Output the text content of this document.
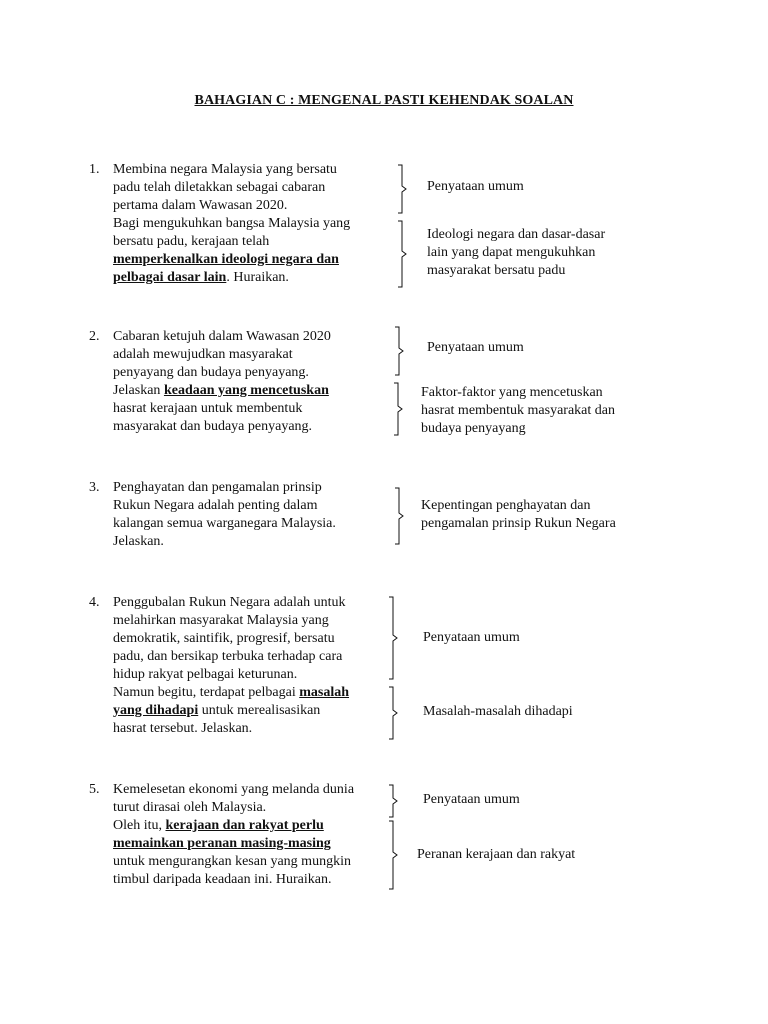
BAHAGIAN C : MENGENAL PASTI KEHENDAK SOALAN
1. Membina negara Malaysia yang bersatu
padu telah diletakkan sebagai cabaran
pertama dalam Wawasan 2020.
Bagi mengukuhkan bangsa Malaysia yang
bersatu padu, kerajaan telah
memperkenalkan ideologi negara dan
pelbagai dasar lain. Huraikan.
Penyataan umum
Ideologi negara dan dasar-dasar
lain yang dapat mengukuhkan
masyarakat bersatu padu
2. Cabaran ketujuh dalam Wawasan 2020
adalah mewujudkan masyarakat
penyayang dan budaya penyayang.
Jelaskan keadaan yang mencetuskan
hasrat kerajaan untuk membentuk
masyarakat dan budaya penyayang.
Penyataan umum
Faktor-faktor yang mencetuskan
hasrat membentuk masyarakat dan
budaya penyayang
3. Penghayatan dan pengamalan prinsip
Rukun Negara adalah penting dalam
kalangan semua warganegara Malaysia.
Jelaskan.
Kepentingan penghayatan dan
pengamalan prinsip Rukun Negara
4. Penggubalan Rukun Negara adalah untuk
melahirkan masyarakat Malaysia yang
demokratik, saintifik, progresif, bersatu
padu, dan bersikap terbuka terhadap cara
hidup rakyat pelbagai keturunan.
Namun begitu, terdapat pelbagai masalah
yang dihadapi untuk merealisasikan
hasrat tersebut. Jelaskan.
Penyataan umum
Masalah-masalah dihadapi
5. Kemelesetan ekonomi yang melanda dunia
turut dirasai oleh Malaysia.
Oleh itu, kerajaan dan rakyat perlu
memainkan peranan masing-masing
untuk mengurangkan kesan yang mungkin
timbul daripada keadaan ini. Huraikan.
Penyataan umum
Peranan kerajaan dan rakyat
